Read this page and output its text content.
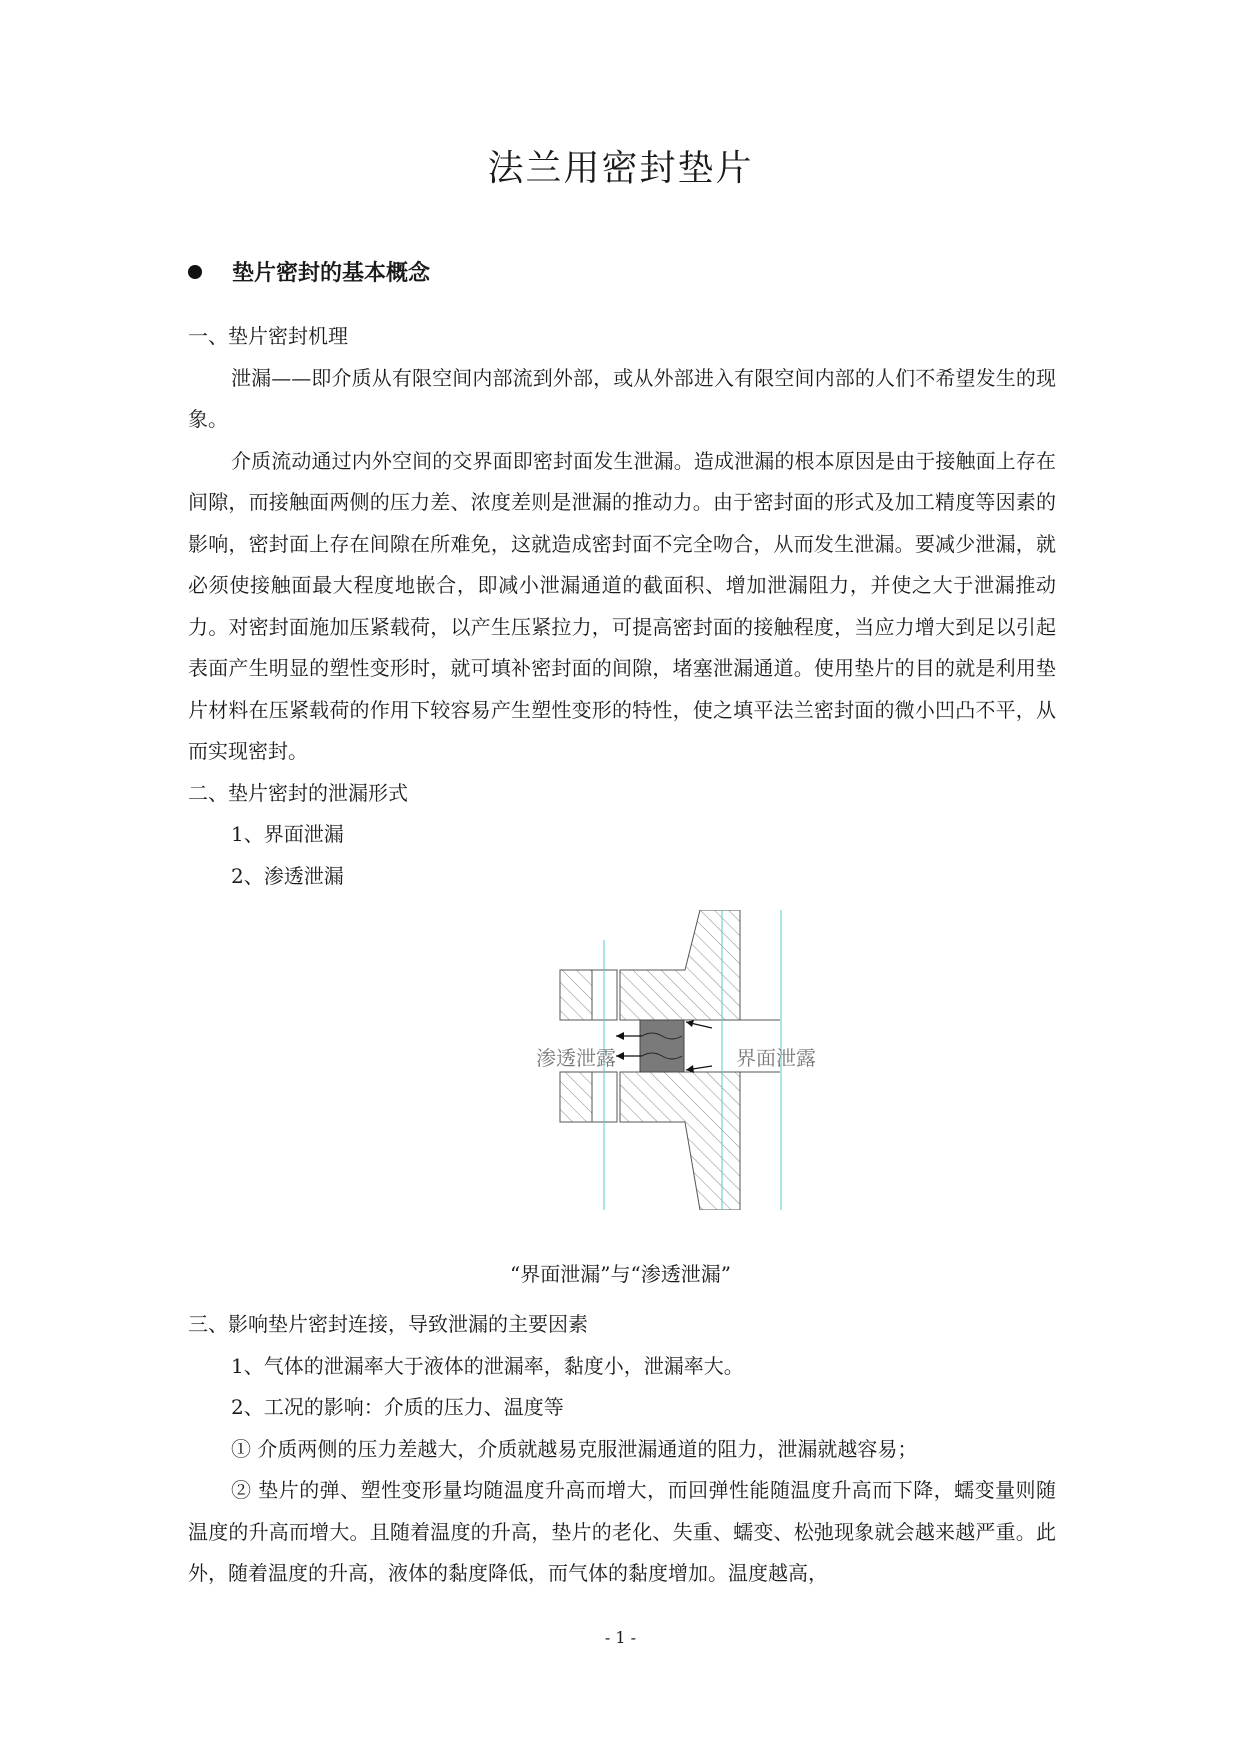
法兰用密封垫片
垫片密封的基本概念

一、垫片密封机理

泄漏——即介质从有限空间内部流到外部，或从外部进入有限空间内部的人们不希望发生的现象。

介质流动通过内外空间的交界面即密封面发生泄漏。造成泄漏的根本原因是由于接触面上存在间隙，而接触面两侧的压力差、浓度差则是泄漏的推动力。由于密封面的形式及加工精度等因素的影响，密封面上存在间隙在所难免，这就造成密封面不完全吻合，从而发生泄漏。要减少泄漏，就必须使接触面最大程度地嵌合，即减小泄漏通道的截面积、增加泄漏阻力，并使之大于泄漏推动力。对密封面施加压紧载荷，以产生压紧拉力，可提高密封面的接触程度，当应力增大到足以引起表面产生明显的塑性变形时，就可填补密封面的间隙，堵塞泄漏通道。使用垫片的目的就是利用垫片材料在压紧载荷的作用下较容易产生塑性变形的特性，使之填平法兰密封面的微小凹凸不平，从而实现密封。

二、垫片密封的泄漏形式

1、界面泄漏

2、渗透泄漏

渗透泄露	界面泄露
“界面泄漏”与“渗透泄漏”

三、影响垫片密封连接，导致泄漏的主要因素

1、气体的泄漏率大于液体的泄漏率，黏度小，泄漏率大。

2、工况的影响：介质的压力、温度等

① 介质两侧的压力差越大，介质就越易克服泄漏通道的阻力，泄漏就越容易；

② 垫片的弹、塑性变形量均随温度升高而增大，而回弹性能随温度升高而下降，蠕变量则随温度的升高而增大。且随着温度的升高，垫片的老化、失重、蠕变、松弛现象就会越来越严重。此外，随着温度的升高，液体的黏度降低，而气体的黏度增加。温度越高，

- 1 -
